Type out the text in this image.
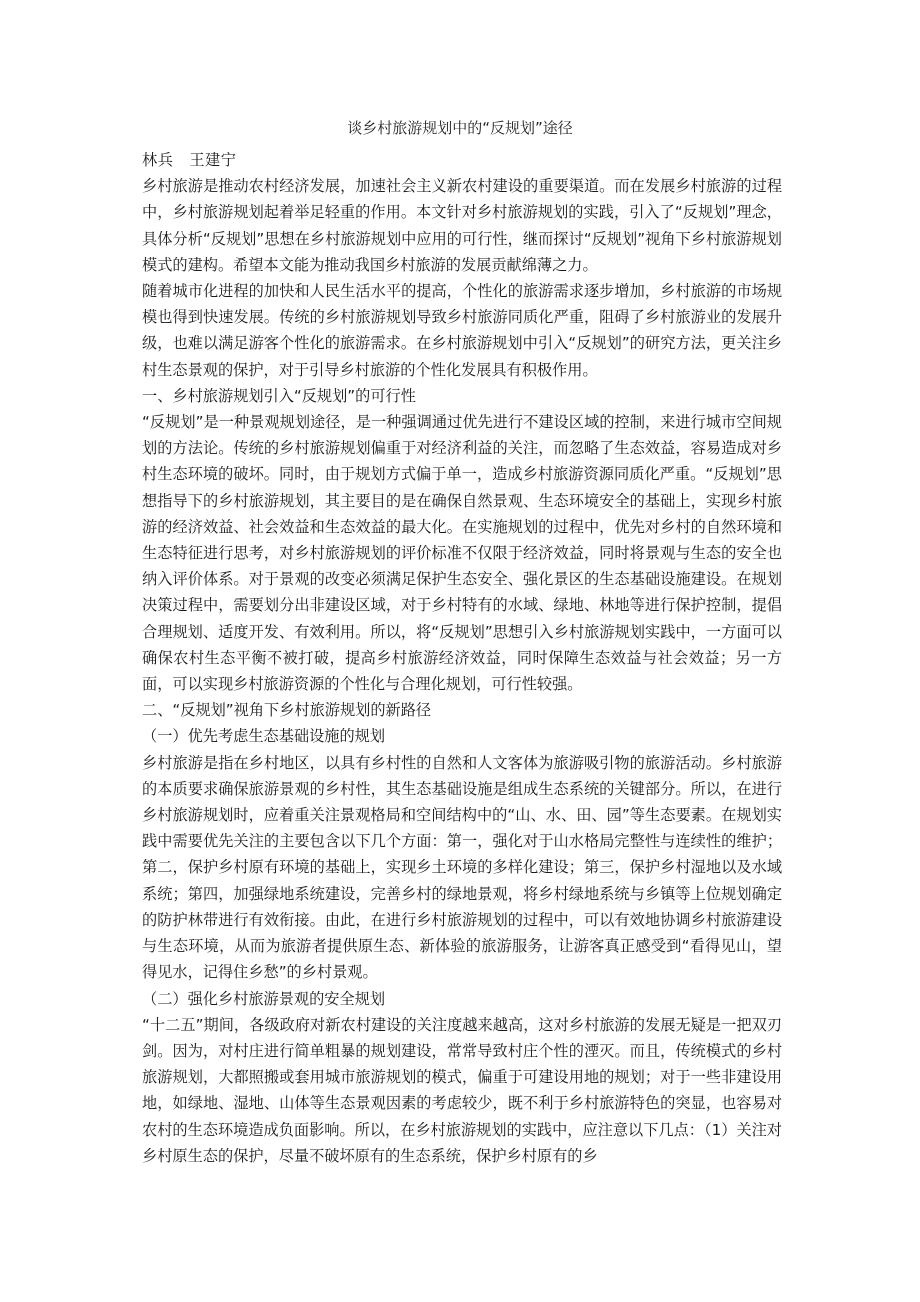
谈乡村旅游规划中的“反规划”途径

林兵 王建宁

乡村旅游是推动农村经济发展，加速社会主义新农村建设的重要渠道。而在发展乡村旅游的过程中，乡村旅游规划起着举足轻重的作用。本文针对乡村旅游规划的实践，引入了“反规划”理念，具体分析“反规划”思想在乡村旅游规划中应用的可行性，继而探讨“反规划”视角下乡村旅游规划模式的建构。希望本文能为推动我国乡村旅游的发展贡献绵薄之力。

随着城市化进程的加快和人民生活水平的提高，个性化的旅游需求逐步增加，乡村旅游的市场规模也得到快速发展。传统的乡村旅游规划导致乡村旅游同质化严重，阻碍了乡村旅游业的发展升级，也难以满足游客个性化的旅游需求。在乡村旅游规划中引入“反规划”的研究方法，更关注乡村生态景观的保护，对于引导乡村旅游的个性化发展具有积极作用。

一、乡村旅游规划引入“反规划”的可行性

“反规划”是一种景观规划途径，是一种强调通过优先进行不建设区域的控制，来进行城市空间规划的方法论。传统的乡村旅游规划偏重于对经济利益的关注，而忽略了生态效益，容易造成对乡村生态环境的破坏。同时，由于规划方式偏于单一，造成乡村旅游资源同质化严重。“反规划”思想指导下的乡村旅游规划，其主要目的是在确保自然景观、生态环境安全的基础上，实现乡村旅游的经济效益、社会效益和生态效益的最大化。在实施规划的过程中，优先对乡村的自然环境和生态特征进行思考，对乡村旅游规划的评价标准不仅限于经济效益，同时将景观与生态的安全也纳入评价体系。对于景观的改变必须满足保护生态安全、强化景区的生态基础设施建设。在规划决策过程中，需要划分出非建设区域，对于乡村特有的水域、绿地、林地等进行保护控制，提倡合理规划、适度开发、有效利用。所以，将“反规划”思想引入乡村旅游规划实践中，一方面可以确保农村生态平衡不被打破，提高乡村旅游经济效益，同时保障生态效益与社会效益；另一方面，可以实现乡村旅游资源的个性化与合理化规划，可行性较强。

二、“反规划”视角下乡村旅游规划的新路径

（一）优先考虑生态基础设施的规划

乡村旅游是指在乡村地区，以具有乡村性的自然和人文客体为旅游吸引物的旅游活动。乡村旅游的本质要求确保旅游景观的乡村性，其生态基础设施是组成生态系统的关键部分。所以，在进行乡村旅游规划时，应着重关注景观格局和空间结构中的“山、水、田、园”等生态要素。在规划实践中需要优先关注的主要包含以下几个方面：第一，强化对于山水格局完整性与连续性的维护；第二，保护乡村原有环境的基础上，实现乡土环境的多样化建设；第三，保护乡村湿地以及水域系统；第四，加强绿地系统建设，完善乡村的绿地景观，将乡村绿地系统与乡镇等上位规划确定的防护林带进行有效衔接。由此，在进行乡村旅游规划的过程中，可以有效地协调乡村旅游建设与生态环境，从而为旅游者提供原生态、新体验的旅游服务，让游客真正感受到“看得见山，望得见水，记得住乡愁”的乡村景观。

（二）强化乡村旅游景观的安全规划

“十二五”期间，各级政府对新农村建设的关注度越来越高，这对乡村旅游的发展无疑是一把双刃剑。因为，对村庄进行简单粗暴的规划建设，常常导致村庄个性的湮灭。而且，传统模式的乡村旅游规划，大都照搬或套用城市旅游规划的模式，偏重于可建设用地的规划；对于一些非建设用地，如绿地、湿地、山体等生态景观因素的考虑较少，既不利于乡村旅游特色的突显，也容易对农村的生态环境造成负面影响。所以，在乡村旅游规划的实践中，应注意以下几点：（1）关注对乡村原生态的保护，尽量不破坏原有的生态系统，保护乡村原有的乡
